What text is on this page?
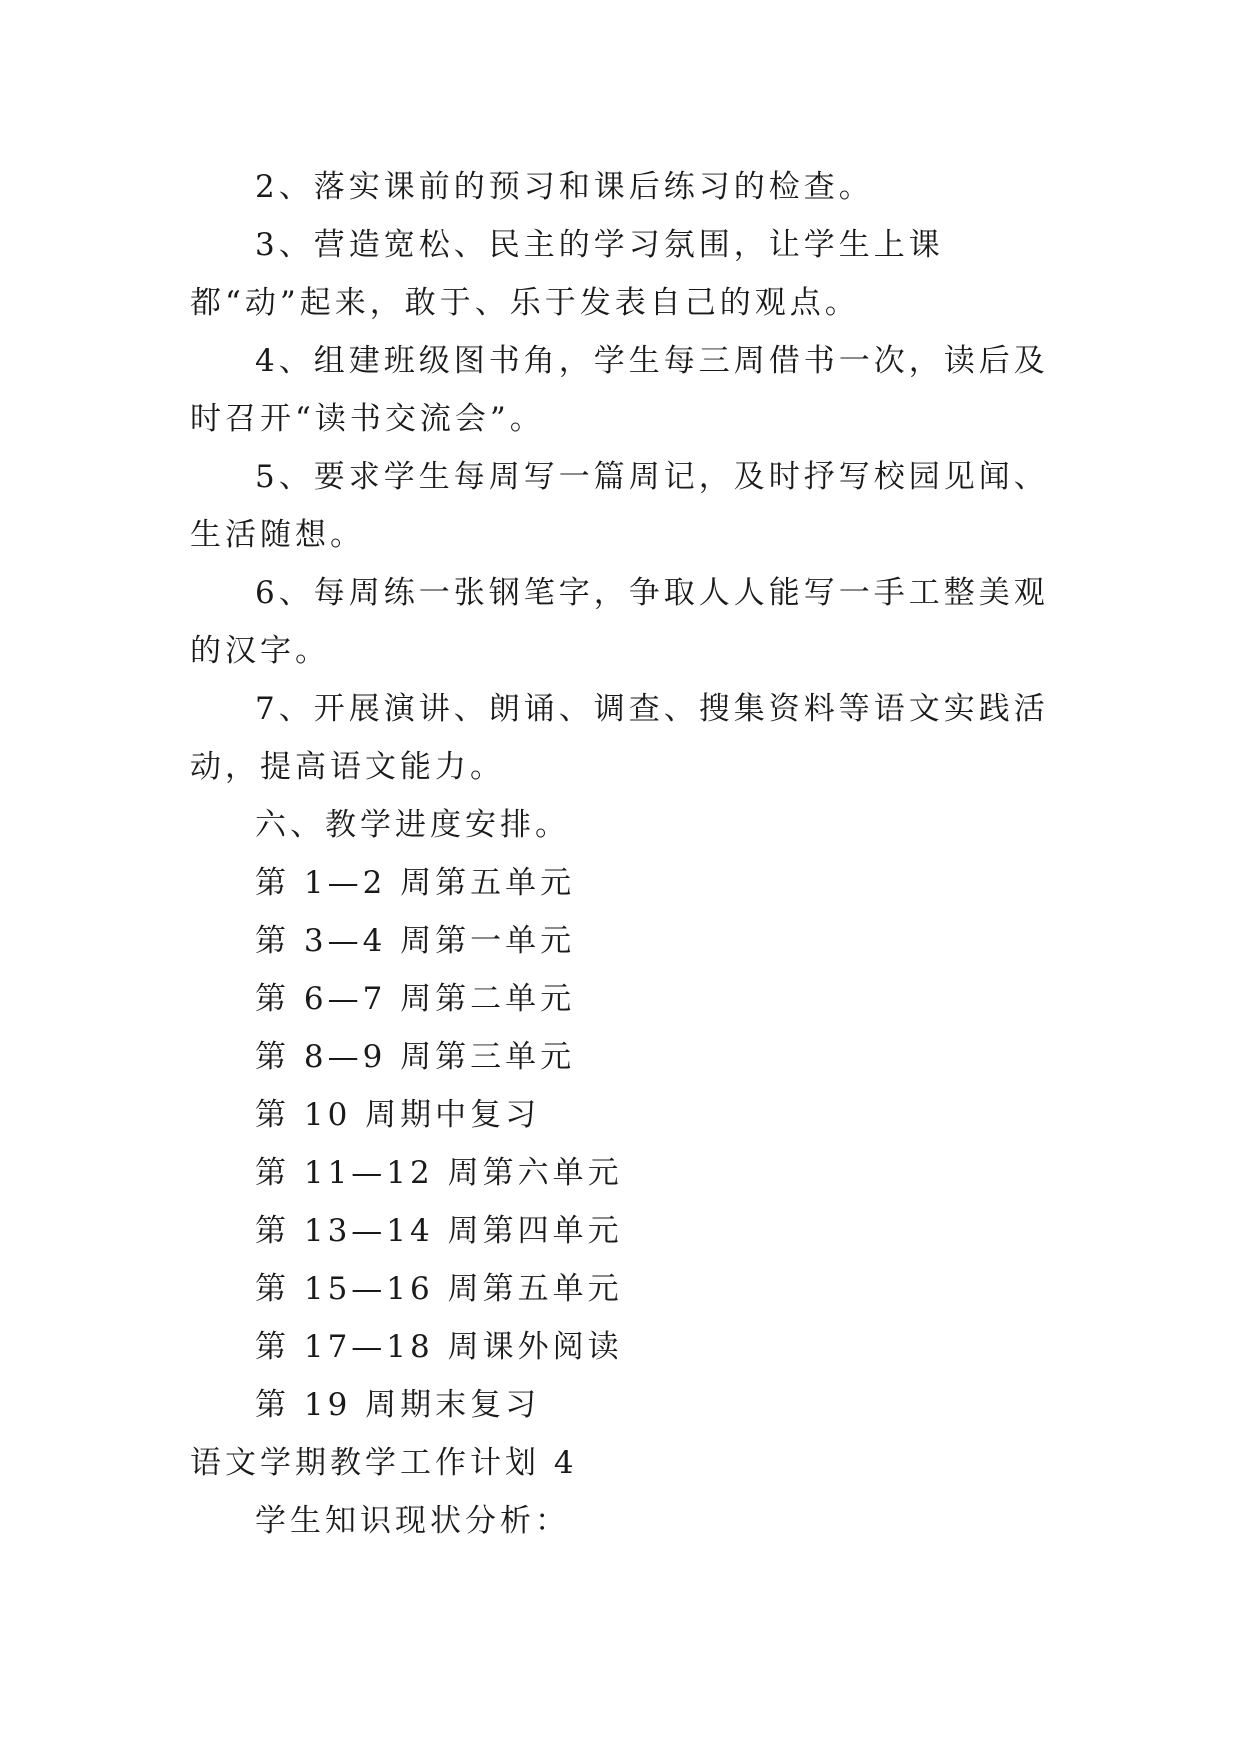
2、落实课前的预习和课后练习的检查。

3、营造宽松、民主的学习氛围，让学生上课都“动”起来，敢于、乐于发表自己的观点。

4、组建班级图书角，学生每三周借书一次，读后及时召开“读书交流会”。

5、要求学生每周写一篇周记，及时抒写校园见闻、生活随想。

6、每周练一张钢笔字，争取人人能写一手工整美观的汉字。

7、开展演讲、朗诵、调查、搜集资料等语文实践活动，提高语文能力。

六、教学进度安排。

第 1—2 周第五单元

第 3—4 周第一单元

第 6—7 周第二单元

第 8—9 周第三单元

第 10 周期中复习

第 11—12 周第六单元

第 13—14 周第四单元

第 15—16 周第五单元

第 17—18 周课外阅读

第 19 周期末复习

语文学期教学工作计划 4

学生知识现状分析：
